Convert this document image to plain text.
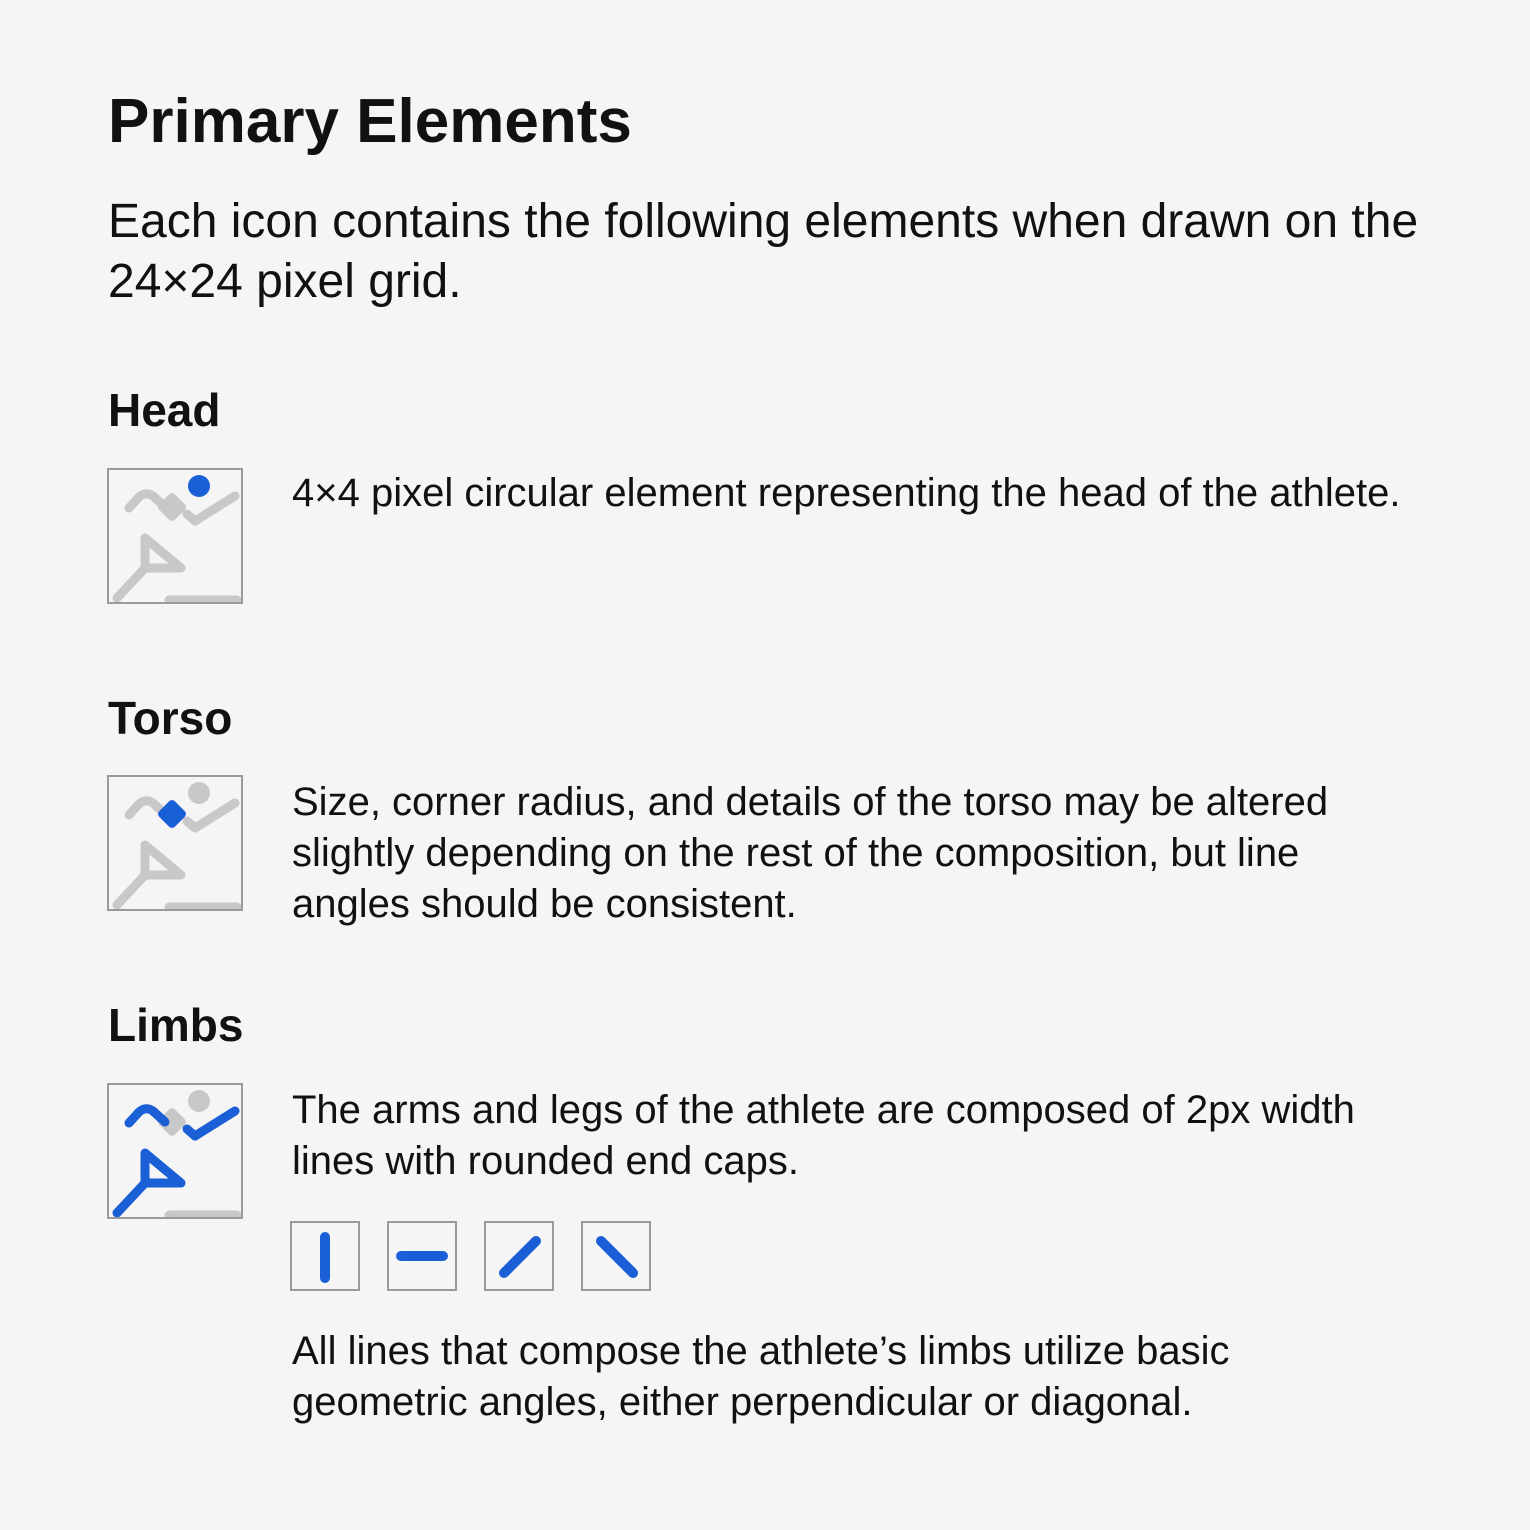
Primary Elements

Each icon contains the following elements when drawn on the 24×24 pixel grid.

Head

4×4 pixel circular element representing the head of the athlete.

Torso

Size, corner radius, and details of the torso may be altered slightly depending on the rest of the composition, but line angles should be consistent.

Limbs

The arms and legs of the athlete are composed of 2px width lines with rounded end caps.

All lines that compose the athlete’s limbs utilize basic geometric angles, either perpendicular or diagonal.
